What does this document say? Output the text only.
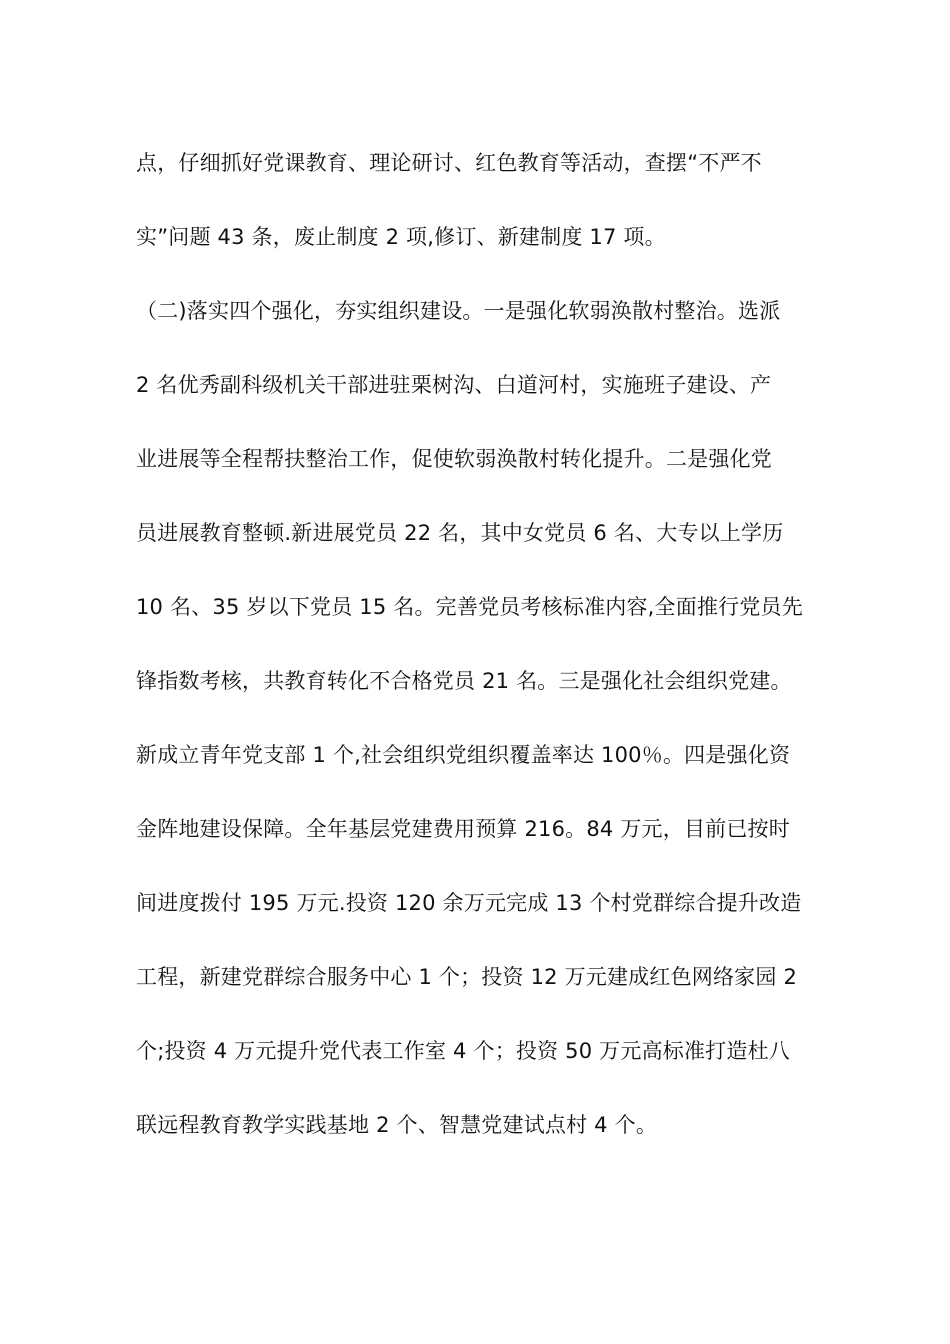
点，仔细抓好党课教育、理论研讨、红色教育等活动，查摆“不严不
实”问题 43 条，废止制度 2 项,修订、新建制度 17 项。
（二)落实四个强化，夯实组织建设。一是强化软弱涣散村整治。选派
2 名优秀副科级机关干部进驻栗树沟、白道河村，实施班子建设、产
业进展等全程帮扶整治工作，促使软弱涣散村转化提升。二是强化党
员进展教育整顿.新进展党员 22 名，其中女党员 6 名、大专以上学历
10 名、35 岁以下党员 15 名。完善党员考核标准内容,全面推行党员先
锋指数考核，共教育转化不合格党员 21 名。三是强化社会组织党建。
新成立青年党支部 1 个,社会组织党组织覆盖率达 100％。四是强化资
金阵地建设保障。全年基层党建费用预算 216。84 万元，目前已按时
间进度拨付 195 万元.投资 120 余万元完成 13 个村党群综合提升改造
工程，新建党群综合服务中心 1 个；投资 12 万元建成红色网络家园 2
个;投资 4 万元提升党代表工作室 4 个；投资 50 万元高标准打造杜八
联远程教育教学实践基地 2 个、智慧党建试点村 4 个。
